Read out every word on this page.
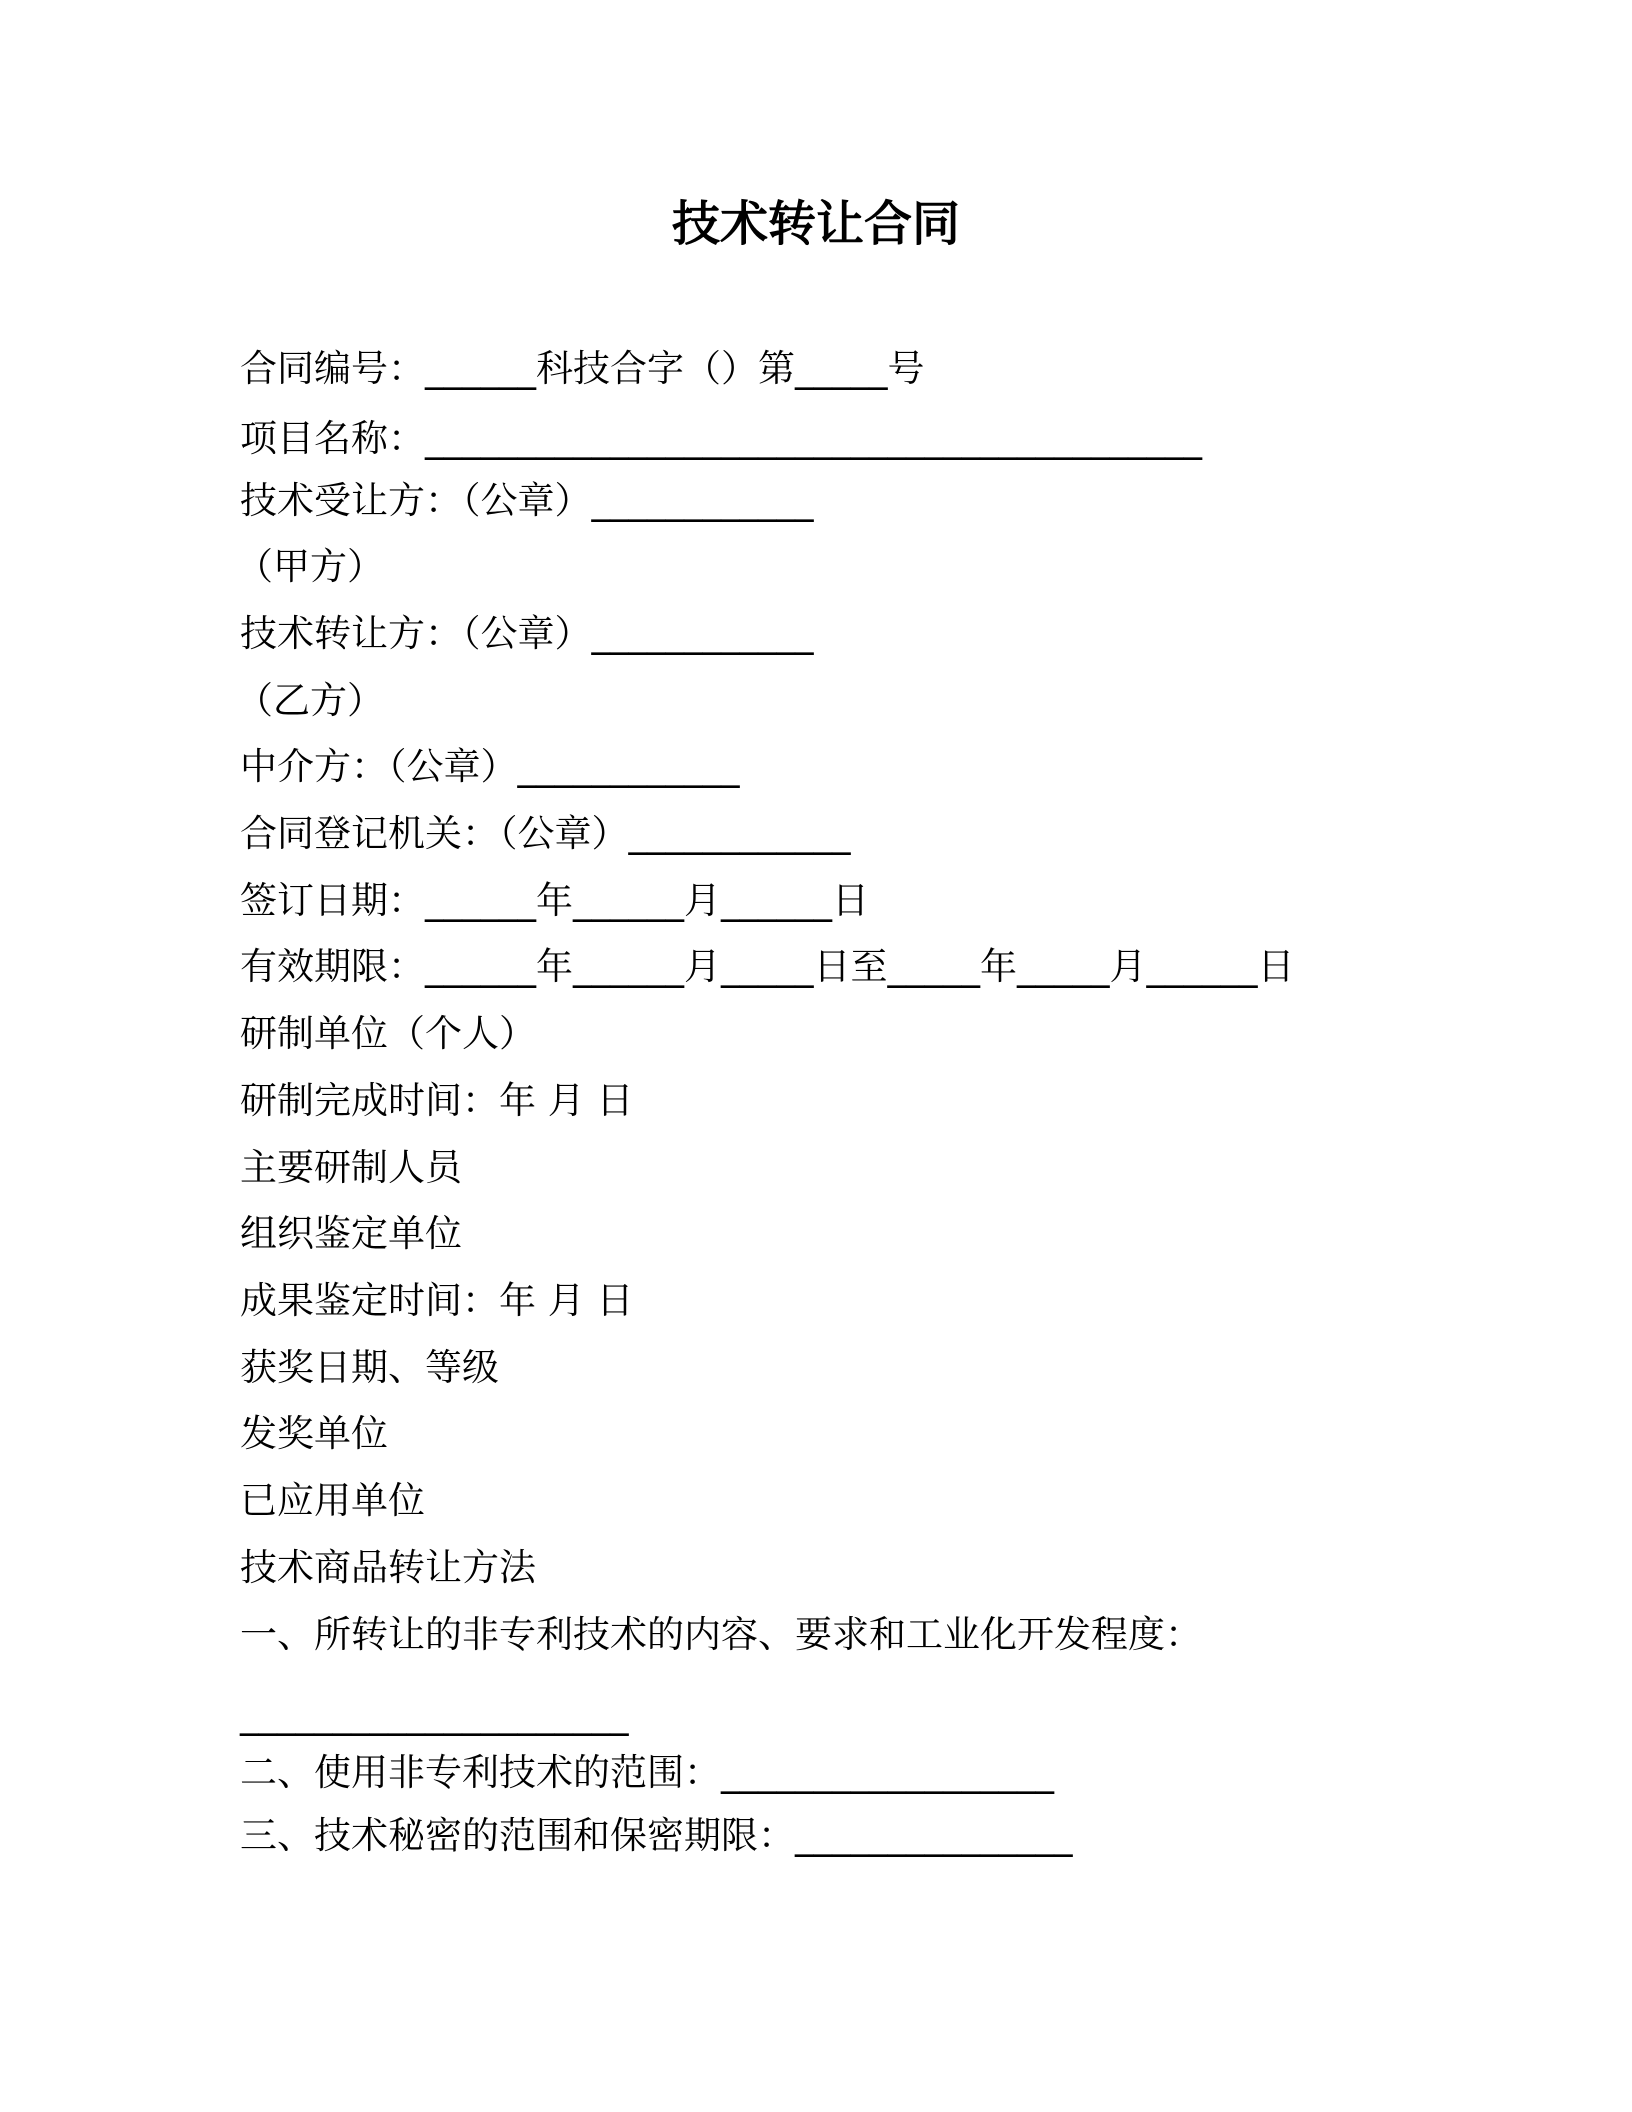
技术转让合同
合同编号：______科技合字（）第_____号
项目名称：__________________________________________
技术受让方：（公章）____________
（甲方）
技术转让方：（公章）____________
（乙方）
中介方：（公章）____________
合同登记机关：（公章）____________
签订日期：______年______月______日
有效期限：______年______月_____日至_____年_____月______日
研制单位（个人）
研制完成时间：年 月 日
主要研制人员
组织鉴定单位
成果鉴定时间：年 月 日
获奖日期、等级
发奖单位
已应用单位
技术商品转让方法
一、所转让的非专利技术的内容、要求和工业化开发程度：
_____________________
二、使用非专利技术的范围：__________________
三、技术秘密的范围和保密期限：_______________
